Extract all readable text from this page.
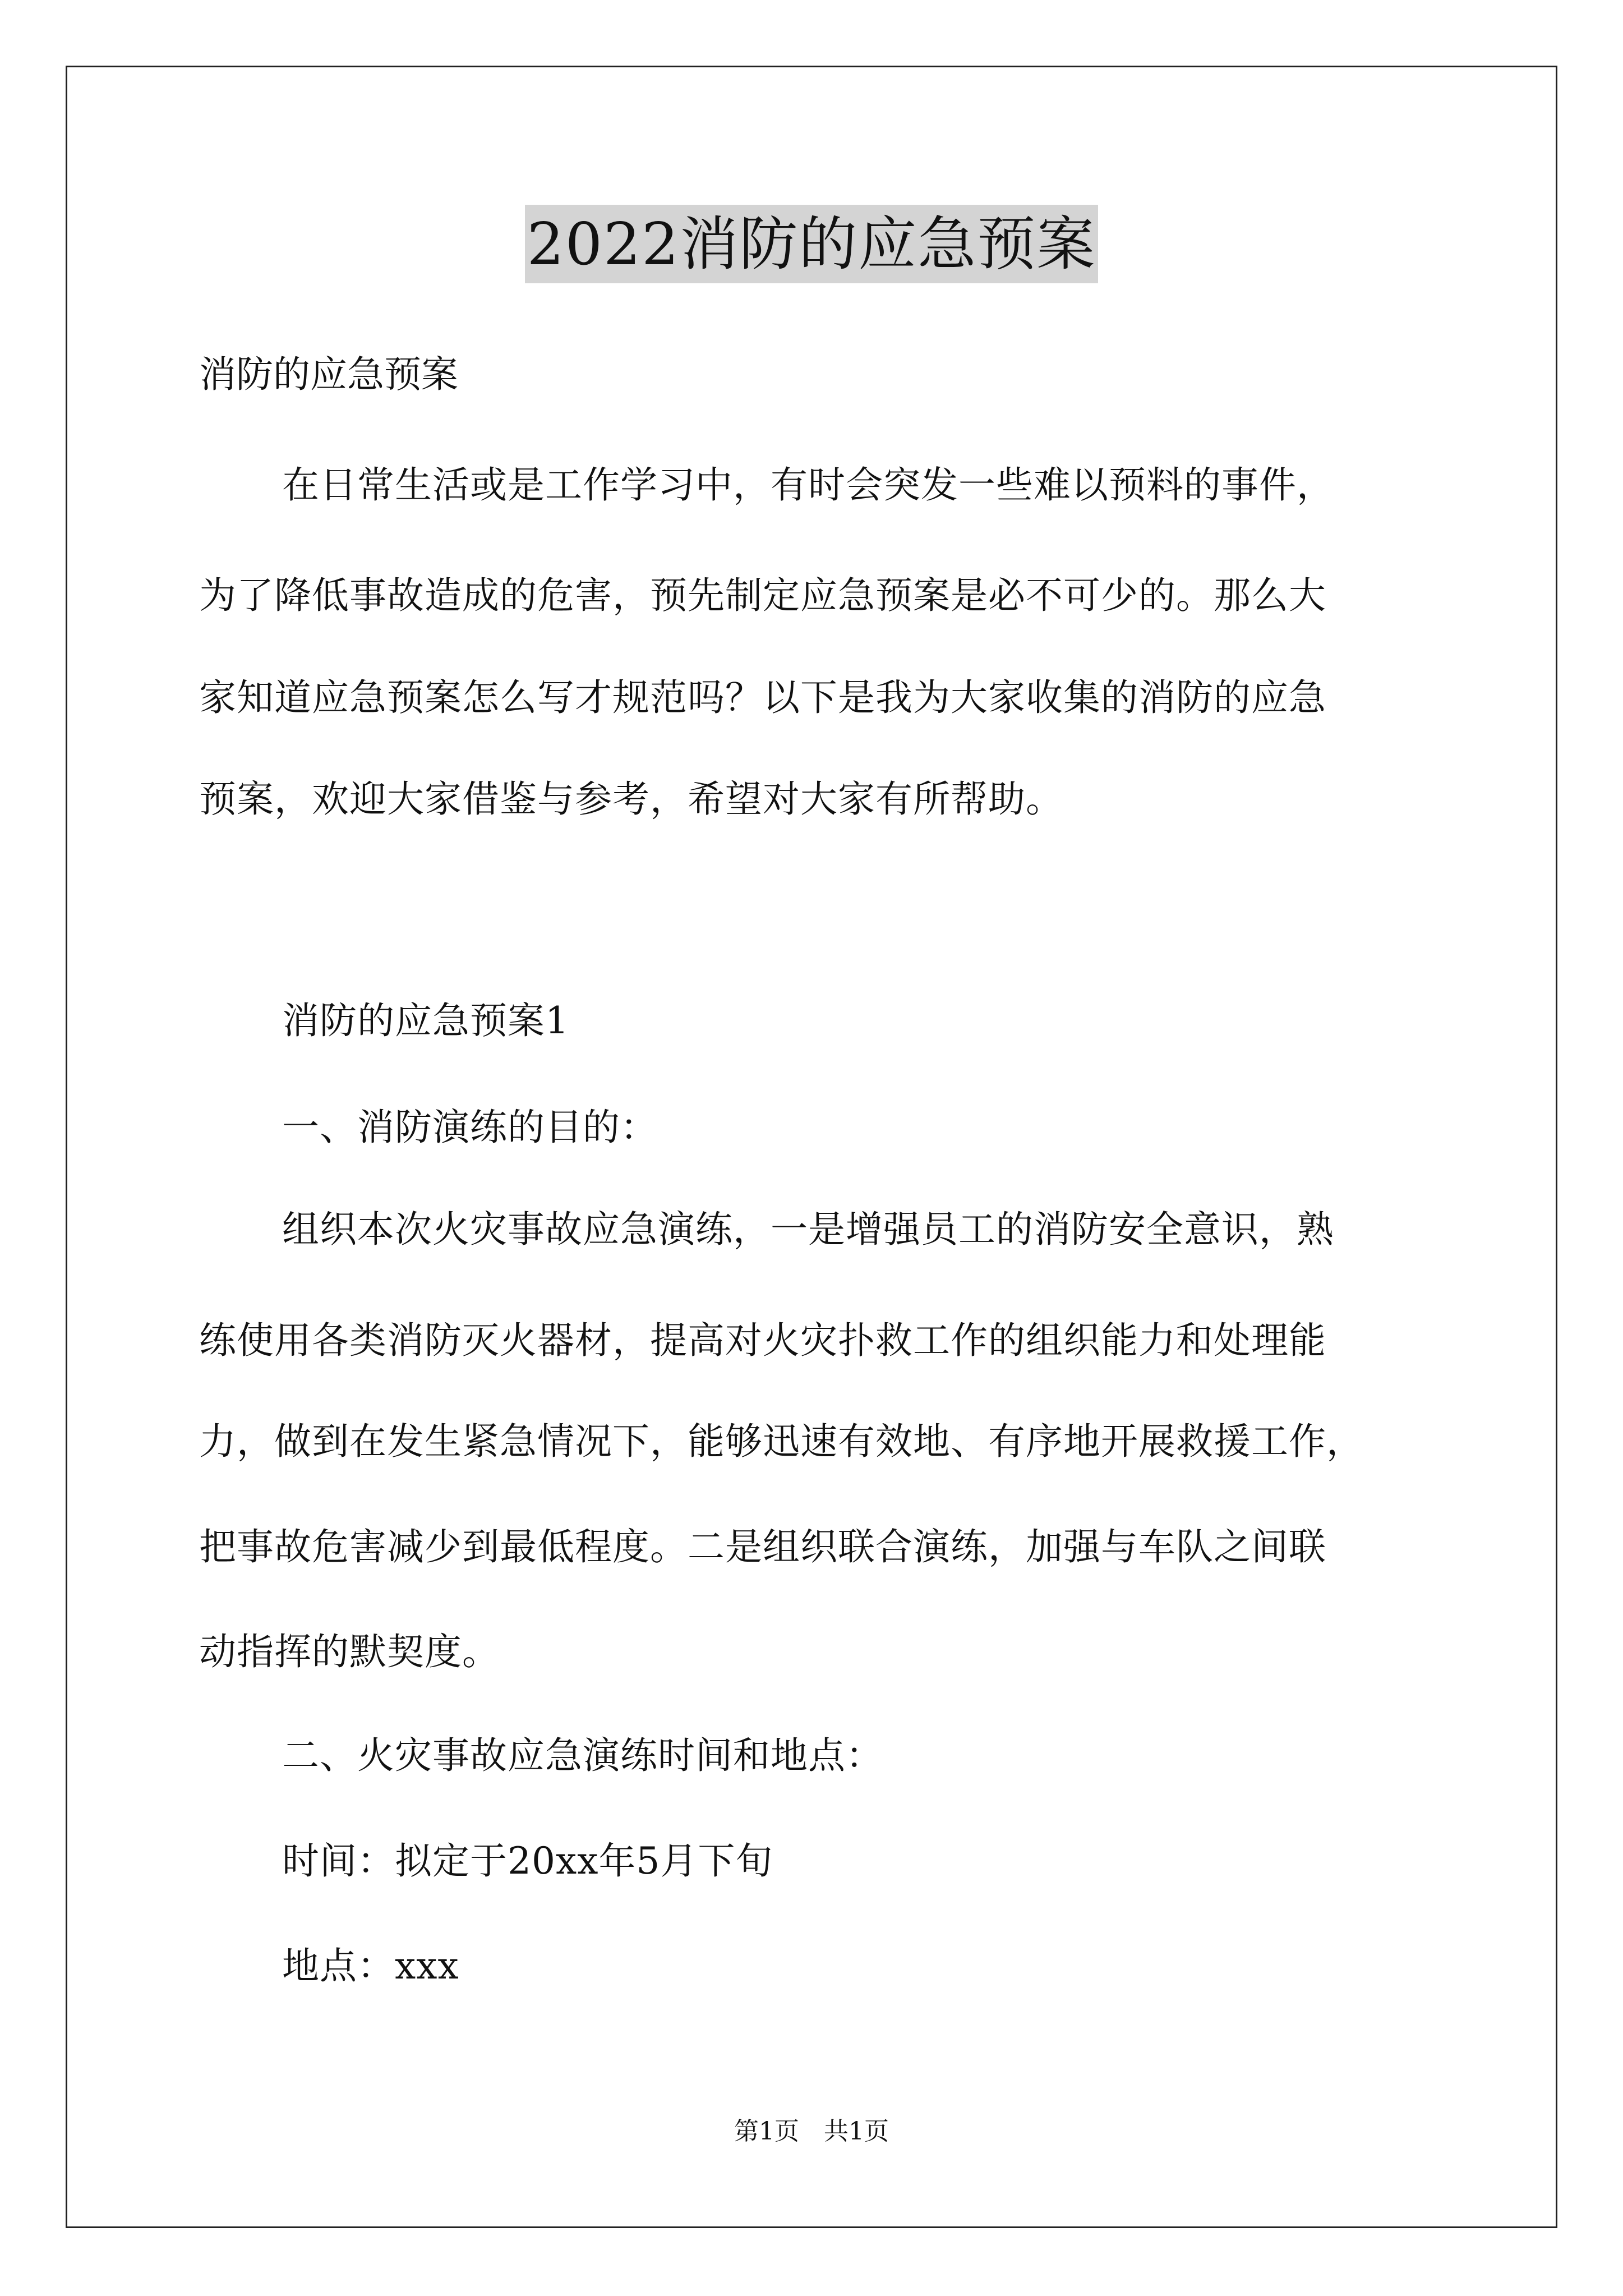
2022消防的应急预案
消防的应急预案
在日常生活或是工作学习中，有时会突发一些难以预料的事件，
为了降低事故造成的危害，预先制定应急预案是必不可少的。那么大
家知道应急预案怎么写才规范吗？以下是我为大家收集的消防的应急
预案，欢迎大家借鉴与参考，希望对大家有所帮助。
消防的应急预案1
一、消防演练的目的：
组织本次火灾事故应急演练，一是增强员工的消防安全意识，熟
练使用各类消防灭火器材，提高对火灾扑救工作的组织能力和处理能
力，做到在发生紧急情况下，能够迅速有效地、有序地开展救援工作，
把事故危害减少到最低程度。二是组织联合演练，加强与车队之间联
动指挥的默契度。
二、火灾事故应急演练时间和地点：
时间：拟定于20xx年5月下旬
地点：xxx
第1页　共1页
